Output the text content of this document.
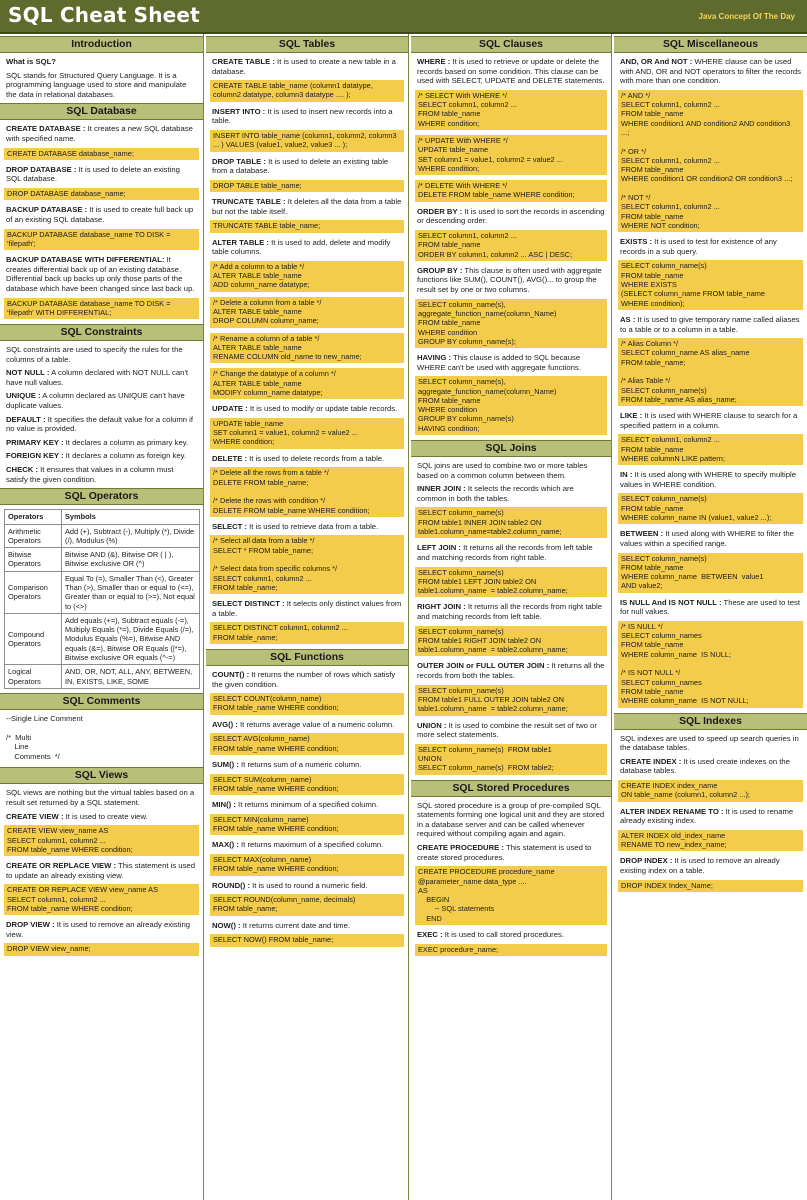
SQL Cheat Sheet	Java Concept Of The Day
Introduction
What is SQL?
SQL stands for Structured Query Language. It is a programming language used to store and manipulate the data in relational databases.
SQL Database
CREATE DATABASE : It creates a new SQL database with specified name.
CREATE DATABASE database_name;
DROP DATABASE : It is used to delete an existing SQL database.
DROP DATABASE database_name;
BACKUP DATABASE : It is used to create full back up of an existing SQL database.
BACKUP DATABASE database_name TO DISK = 'filepath';
BACKUP DATABASE WITH DIFFERENTIAL: It creates differential back up of an existing database. Differential back up backs up only those parts of the database which have been changed since last back up.
BACKUP DATABASE database_name TO DISK = 'filepath' WITH DIFFERENTIAL;
SQL Constraints
SQL constraints are used to specify the rules for the columns of a table.
NOT NULL : A column declared with NOT NULL can't have null values.
UNIQUE : A column declared as UNIQUE can't have duplicate values.
DEFAULT : It specifies the default value for a column if no value is provided.
PRIMARY KEY : It declares a column as primary key.
FOREIGN KEY : It declares a column as foreign key.
CHECK : It ensures that values in a column must satisfy the given condition.
SQL Operators
Operators	Symbols
Arithmetic Operators	Add (+), Subtract (-), Multiply (*), Divide (/), Modulus (%)
Bitwise Operators	Bitwise AND (&), Bitwise OR ( | ), Bitwise exclusive OR (^)
Comparison Operators	Equal To (=), Smaller Than (<), Greater Than (>), Smaller than or equal to (<=), Greater than or equal to (>=), Not equal to (<>)
Compound Operators	Add equals (+=), Subtract equals (-=), Multiply Equals (*=), Divide Equals (/=), Modulus Equals (%=), Bitwise AND equals (&=), Bitwise OR Equals (|*=), Bitwise exclusive OR equals (^-=)
Logical Operators	AND, OR, NOT, ALL, ANY, BETWEEN, IN, EXISTS, LIKE, SOME
SQL Comments
--Single Line Comment

/*  Multi
Line
Comments  */
SQL Views
SQL views are nothing but the virtual tables based on a result set returned by a SQL statement.
CREATE VIEW : It is used to create view.
CREATE VIEW view_name AS
SELECT column1, column2 ...
FROM table_name WHERE condition;
CREATE OR REPLACE VIEW : This statement is used to update an already existing view.
CREATE OR REPLACE VIEW view_name AS
SELECT column1, column2 ...
FROM table_name WHERE condition;
DROP VIEW : It is used to remove an already existing view.
DROP VIEW view_name;
SQL Tables
CREATE TABLE : It is used to create a new table in a database.
CREATE TABLE table_name (column1 datatype, column2 datatype, column3 datatype .... );
INSERT INTO : It is used to insert new records into a table.
INSERT INTO table_name (column1, column2, column3 ... ) VALUES (value1, value2, value3 ... );
DROP TABLE : It is used to delete an existing table from a database.
DROP TABLE table_name;
TRUNCATE TABLE : It deletes all the data from a table but not the table itself.
TRUNCATE TABLE table_name;
ALTER TABLE : It is used to add, delete and modify table columns.
/* Add a column to a table */
ALTER TABLE table_name
ADD column_name datatype;
/* Delete a column from a table */
ALTER TABLE table_name
DROP COLUMN column_name;
/* Rename a column of a table */
ALTER TABLE table_name
RENAME COLUMN old_name to new_name;
/* Change the datatype of a column */
ALTER TABLE table_name
MODIFY column_name datatype;
UPDATE : It is used to modify or update table records.
UPDATE table_name
SET column1 = value1, column2 = value2 ...
WHERE condition;
DELETE : It is used to delete records from a table.
/* Delete all the rows from a table */
DELETE FROM table_name;

/* Delete the rows with condition */
DELETE FROM table_name WHERE condition;
SELECT : It is used to retrieve data from a table.
/* Select all data from a table */
SELECT * FROM table_name;

/* Select data from specific columns */
SELECT column1, column2 ...
FROM table_name;
SELECT DISTINCT : It selects only distinct values from a table.
SELECT DISTINCT column1, column2 ...
FROM table_name;
SQL Functions
COUNT() : It returns the number of rows which satisfy the given condition.
SELECT COUNT(column_name)
FROM table_name WHERE condition;
AVG() : It returns average value of a numeric column.
SELECT AVG(column_name)
FROM table_name WHERE condition;
SUM() : It returns sum of a numeric column.
SELECT SUM(column_name)
FROM table_name WHERE condition;
MIN() : It returns minimum of a specified column.
SELECT MIN(column_name)
FROM table_name WHERE condition;
MAX() : It returns maximum of a specified column.
SELECT MAX(column_name)
FROM table_name WHERE condition;
ROUND() : It is used to round a numeric field.
SELECT ROUND(column_name, decimals)
FROM table_name;
NOW() : It returns current date and time.
SELECT NOW() FROM table_name;
SQL Clauses
WHERE : It is used to retrieve or update or delete the records based on some condition. This clause can be used with SELECT, UPDATE and DELETE statements.
/* SELECT With WHERE */
SELECT column1, column2 ...
FROM table_name
WHERE condition;
/* UPDATE With WHERE */
UPDATE table_name
SET column1 = value1, column2 = value2 ...
WHERE condition;
/* DELETE With WHERE */
DELETE FROM table_name WHERE condition;
ORDER BY : It is used to sort the records in ascending or descending order.
SELECT column1, column2 ...
FROM table_name
ORDER BY column1, column2 ... ASC | DESC;
GROUP BY : This clause is often used with aggregate functions like SUM(), COUNT(), AVG()... to group the result set by one or two columns.
SELECT column_name(s),
aggregate_function_name(column_Name)
FROM table_name
WHERE condition
GROUP BY column_name(s);
HAVING : This clause is added to SQL because WHERE can't be used with aggregate functions.
SELECT column_name(s),
aggregate_function_name(column_Name)
FROM table_name
WHERE condition
GROUP BY column_name(s)
HAVING condition;
SQL Joins
SQL joins are used to combine two or more tables based on a common column between them.
INNER JOIN : It selects the records which are common in both the tables.
SELECT column_name(s)
FROM table1 INNER JOIN table2 ON
table1.column_name=table2.column_name;
LEFT JOIN : It returns all the records from left table and matching records from right table.
SELECT column_name(s)
FROM table1 LEFT JOIN table2 ON
table1.column_name  = table2.column_name;
RIGHT JOIN : It returns all the records from right table and matching records from left table.
SELECT column_name(s)
FROM table1 RIGHT JOIN table2 ON
table1.column_name  = table2.column_name;
OUTER JOIN or FULL OUTER JOIN : It returns all the records from both the tables.
SELECT column_name(s)
FROM table1 FULL OUTER JOIN table2 ON
table1.column_name  = table2.column_name;
UNION : It is used to combine the result set of two or more select statements.
SELECT column_name(s)  FROM table1
UNION
SELECT column_name(s)  FROM table2;
SQL Stored Procedures
SQL stored procedure is a group of pre-compiled SQL statements forming one logical unit and they are stored in a database server and can be called whenever required without compiling again and again.
CREATE PROCEDURE : This statement is used to create stored procedures.
CREATE PROCEDURE procedure_name
@parameter_name data_type ....
AS
BEGIN
-- SQL statements
END
EXEC : It is used to call stored procedures.
EXEC procedure_name;
SQL Miscellaneous
AND, OR And NOT : WHERE clause can be used with AND, OR and NOT operators to filter the records with more than one condition.
/* AND */
SELECT column1, column2 ...
FROM table_name
WHERE condition1 AND condition2 AND condition3 ...;

/* OR */
SELECT column1, column2 ...
FROM table_name
WHERE condition1 OR condition2 OR condition3 ...;

/* NOT */
SELECT column1, column2 ...
FROM table_name
WHERE NOT condition;
EXISTS : It is used to test for existence of any records in a sub query.
SELECT column_name(s)
FROM table_name
WHERE EXISTS
(SELECT column_name FROM table_name
WHERE condition);
AS : It is used to give temporary name called aliases to a table or to a column in a table.
/* Alias Column */
SELECT column_name AS alias_name
FROM table_name;

/* Alias Table */
SELECT column_name(s)
FROM table_name AS alias_name;
LIKE : It is used with WHERE clause to search for a specified pattern in a column.
SELECT column1, column2 ...
FROM table_name
WHERE columnN LIKE pattern;
IN : It is used along with WHERE to specify multiple values in WHERE condition.
SELECT column_name(s)
FROM table_name
WHERE column_name IN (value1, value2 ...);
BETWEEN : It used along with WHERE to filter the values within a specified range.
SELECT column_name(s)
FROM table_name
WHERE column_name  BETWEEN  value1
AND value2;
IS NULL And IS NOT NULL : These are used to test for null values.
/* IS NULL */
SELECT column_names
FROM table_name
WHERE column_name  IS NULL;

/* IS NOT NULL */
SELECT column_names
FROM table_name
WHERE column_name  IS NOT NULL;
SQL Indexes
SQL indexes are used to speed up search queries in the database tables.
CREATE INDEX : It is used create indexes on the database tables.
CREATE INDEX index_name
ON table_name (column1, column2 ...);
ALTER INDEX RENAME TO : It is used to rename already existing index.
ALTER INDEX old_index_name
RENAME TO new_index_name;
DROP INDEX : It is used to remove an already existing index on a table.
DROP INDEX Index_Name;
